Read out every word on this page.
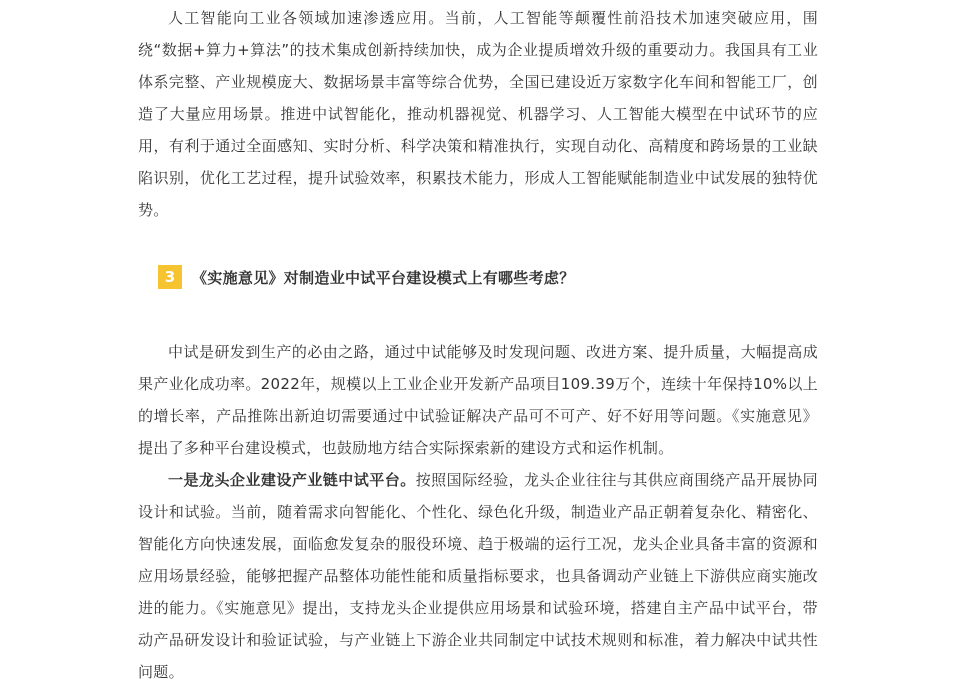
人工智能向工业各领域加速渗透应用。当前，人工智能等颠覆性前沿技术加速突破应用，围绕“数据+算力+算法”的技术集成创新持续加快，成为企业提质增效升级的重要动力。我国具有工业体系完整、产业规模庞大、数据场景丰富等综合优势，全国已建设近万家数字化车间和智能工厂，创造了大量应用场景。推进中试智能化，推动机器视觉、机器学习、人工智能大模型在中试环节的应用，有利于通过全面感知、实时分析、科学决策和精准执行，实现自动化、高精度和跨场景的工业缺陷识别，优化工艺过程，提升试验效率，积累技术能力，形成人工智能赋能制造业中试发展的独特优势。

3	《实施意见》对制造业中试平台建设模式上有哪些考虑？

中试是研发到生产的必由之路，通过中试能够及时发现问题、改进方案、提升质量，大幅提高成果产业化成功率。2022年，规模以上工业企业开发新产品项目109.39万个，连续十年保持10%以上的增长率，产品推陈出新迫切需要通过中试验证解决产品可不可产、好不好用等问题。《实施意见》提出了多种平台建设模式，也鼓励地方结合实际探索新的建设方式和运作机制。

一是龙头企业建设产业链中试平台。按照国际经验，龙头企业往往与其供应商围绕产品开展协同设计和试验。当前，随着需求向智能化、个性化、绿色化升级，制造业产品正朝着复杂化、精密化、智能化方向快速发展，面临愈发复杂的服役环境、趋于极端的运行工况，龙头企业具备丰富的资源和应用场景经验，能够把握产品整体功能性能和质量指标要求，也具备调动产业链上下游供应商实施改进的能力。《实施意见》提出，支持龙头企业提供应用场景和试验环境，搭建自主产品中试平台，带动产品研发设计和验证试验，与产业链上下游企业共同制定中试技术规则和标准，着力解决中试共性问题。
